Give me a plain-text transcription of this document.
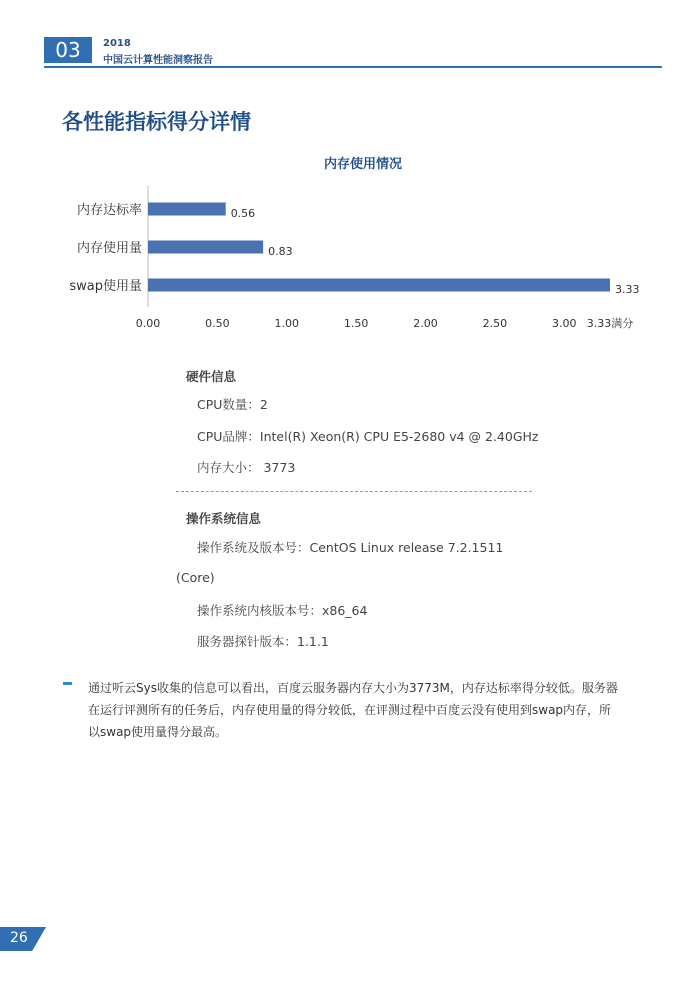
03	2018
中国云计算性能洞察报告
各性能指标得分详情
内存使用情况
内存达标率	0.56
内存使用量	0.83
swap使用量	3.33
0.00	0.50	1.00	1.50	2.00	2.50	3.00 3.33满分
硬件信息
CPU数量：2
CPU品牌：Intel(R) Xeon(R) CPU E5-2680 v4 @ 2.40GHz
内存大小： 3773
操作系统信息
操作系统及版本号：CentOS Linux release 7.2.1511
(Core)
操作系统内核版本号：x86_64
服务器探针版本：1.1.1
通过听云Sys收集的信息可以看出，百度云服务器内存大小为3773M，内存达标率得分较低。服务器
在运行评测所有的任务后，内存使用量的得分较低，在评测过程中百度云没有使用到swap内存，所
以swap使用量得分最高。
26
